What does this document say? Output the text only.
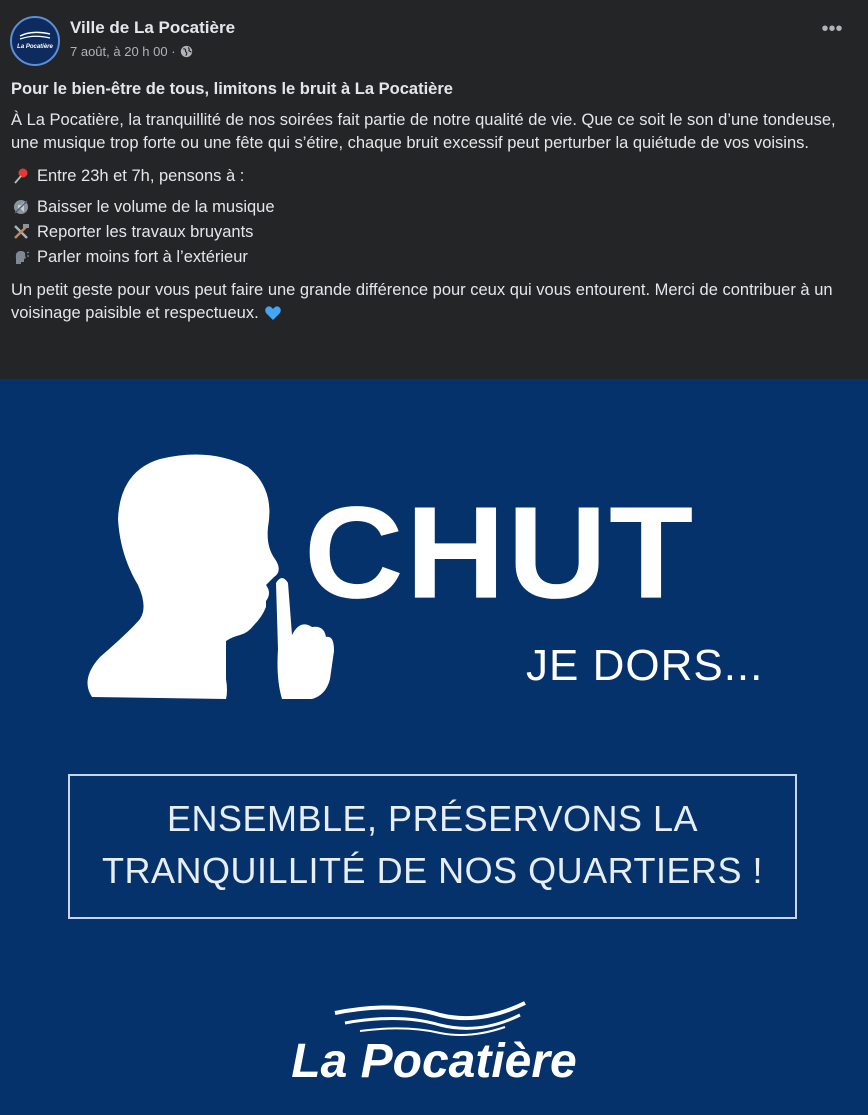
La Pocatière
Ville de La Pocatière
7 août, à 20 h 00 ·
•••
Pour le bien-être de tous, limitons le bruit à La Pocatière
À La Pocatière, la tranquillité de nos soirées fait partie de notre qualité de vie. Que ce soit le son d’une tondeuse, une musique trop forte ou une fête qui s’étire, chaque bruit excessif peut perturber la quiétude de vos voisins.
Entre 23h et 7h, pensons à :
Baisser le volume de la musique
Reporter les travaux bruyants
Parler moins fort à l’extérieur
Un petit geste pour vous peut faire une grande différence pour ceux qui vous entourent. Merci de contribuer à un voisinage paisible et respectueux.
CHUT
JE DORS...
ENSEMBLE, PRÉSERVONS LA
TRANQUILLITÉ DE NOS QUARTIERS !
La Pocatière
